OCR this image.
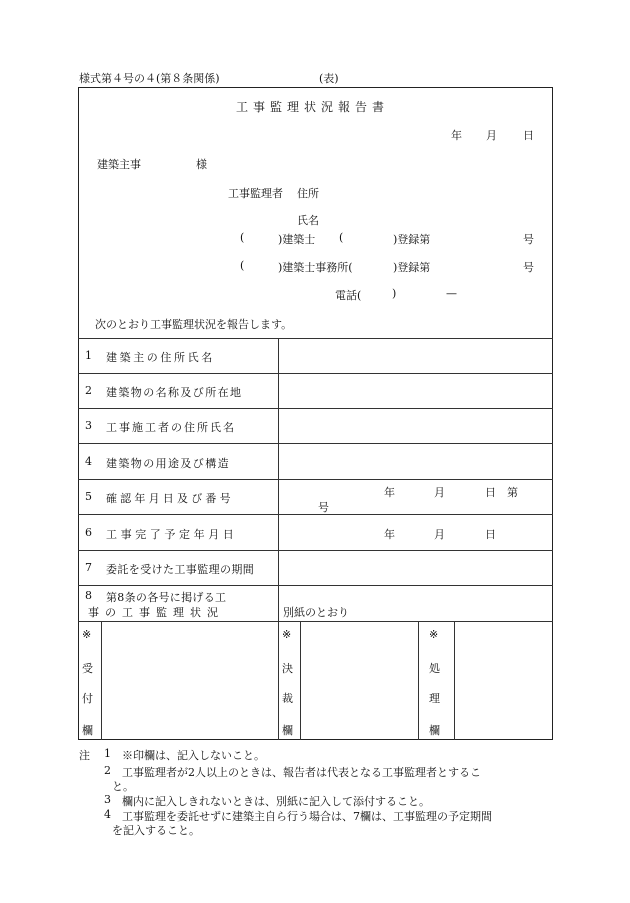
様式第４号の４(第８条関係)	(表)
工事監理状況報告書
年 月 日
建築主事	様
工事監理者 住所
氏名
(	)建築士 (	)登録第	号
(	)建築士事務所(	)登録第	号
電話(	)	—
次のとおり工事監理状況を報告します。
1 建築主の住所氏名
2 建築物の名称及び所在地
3 工事施工者の住所氏名
4 建築物の用途及び構造
5 確認年月日及び番号	年	月	日　第
号
6 工事完了予定年月日	年	月	日
7 委託を受けた工事監理の期間
8 第8条の各号に掲げる工
事の工事監理状況	別紙のとおり
※
受
付
欄
※
決
裁
欄
※
処
理
欄
注 1 ※印欄は、記入しないこと。
2 工事監理者が2人以上のときは、報告者は代表となる工事監理者とするこ
と。
3 欄内に記入しきれないときは、別紙に記入して添付すること。
4 工事監理を委託せずに建築主自ら行う場合は、7欄は、工事監理の予定期間
を記入すること。
